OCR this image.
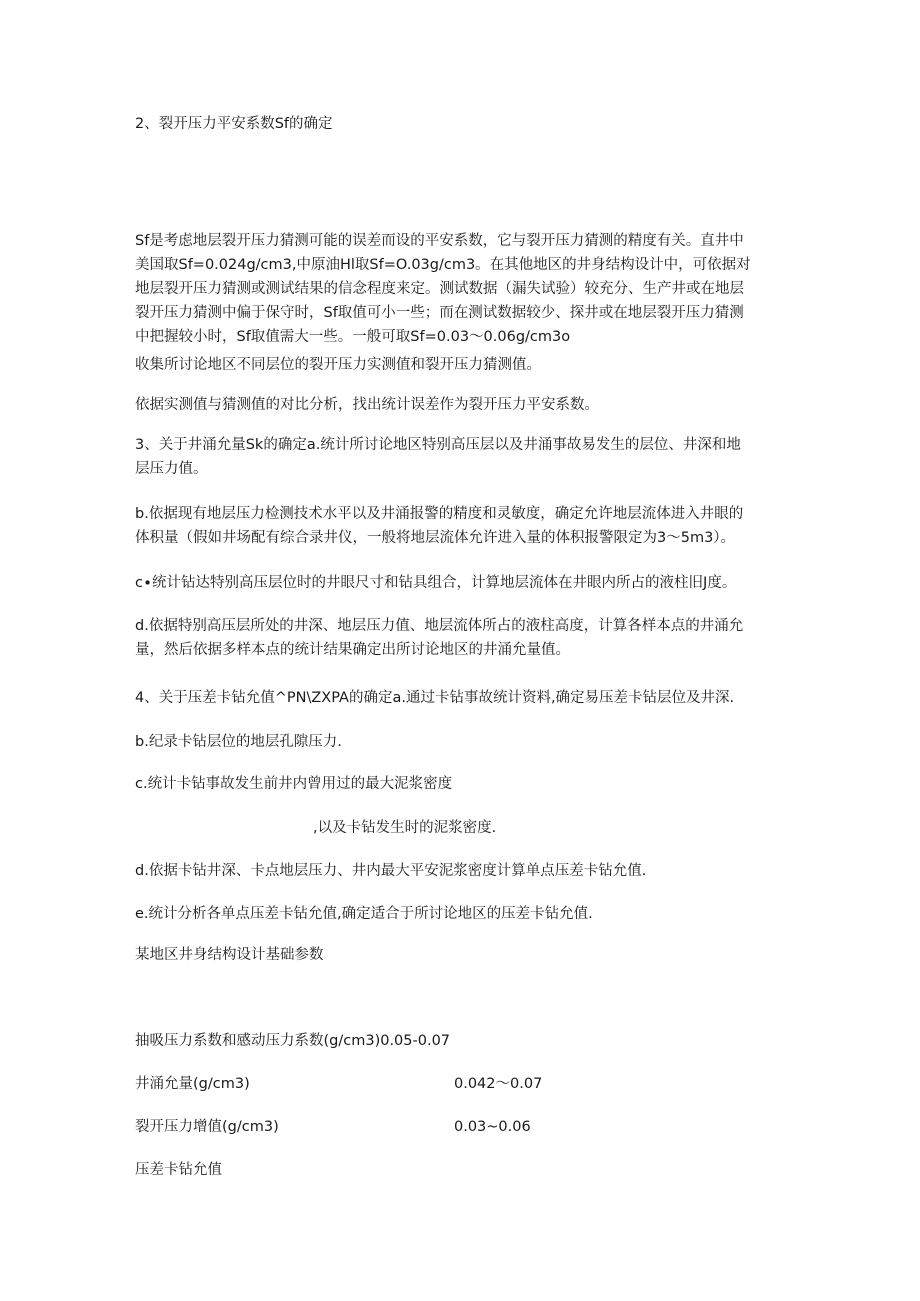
2、裂开压力平安系数Sf的确定
Sf是考虑地层裂开压力猜测可能的误差而设的平安系数，它与裂开压力猜测的精度有关。直井中
美国取Sf=0.024g/cm3,中原油Hl取Sf=O.03g/cm3。在其他地区的井身结构设计中，可依据对
地层裂开压力猜测或测试结果的信念程度来定。测试数据（漏失试验）较充分、生产井或在地层
裂开压力猜测中偏于保守时，Sf取值可小一些；而在测试数据较少、探井或在地层裂开压力猜测
中把握较小时，Sf取值需大一些。一般可取Sf=0.03～0.06g∕cm3o
收集所讨论地区不同层位的裂开压力实测值和裂开压力猜测值。
依据实测值与猜测值的对比分析，找出统计误差作为裂开压力平安系数。
3、关于井涌允量Sk的确定a.统计所讨论地区特别高压层以及井涌事故易发生的层位、井深和地
层压力值。
b.依据现有地层压力检测技术水平以及井涌报警的精度和灵敏度，确定允许地层流体进入井眼的
体积量（假如井场配有综合录井仪，一般将地层流体允许进入量的体积报警限定为3～5m3）。
c∙统计钻达特别高压层位时的井眼尺寸和钻具组合，计算地层流体在井眼内所占的液柱旧J度。
d.依据特别高压层所处的井深、地层压力值、地层流体所占的液柱高度，计算各样本点的井涌允
量，然后依据多样本点的统计结果确定出所讨论地区的井涌允量值。
4、关于压差卡钻允值^PN\ZXPA的确定a.通过卡钻事故统计资料,确定易压差卡钻层位及井深.
b.纪录卡钻层位的地层孔隙压力.
c.统计卡钻事故发生前井内曾用过的最大泥浆密度
,以及卡钻发生时的泥浆密度.
d.依据卡钻井深、卡点地层压力、井内最大平安泥浆密度计算单点压差卡钻允值.
e.统计分析各单点压差卡钻允值,确定适合于所讨论地区的压差卡钻允值.
某地区井身结构设计基础参数
抽吸压力系数和感动压力系数(g/cm3)0.05-0.07
井涌允量(g/cm3)	0.042～0.07
裂开压力增值(g/cm3)	0.03~0.06
压差卡钻允值
